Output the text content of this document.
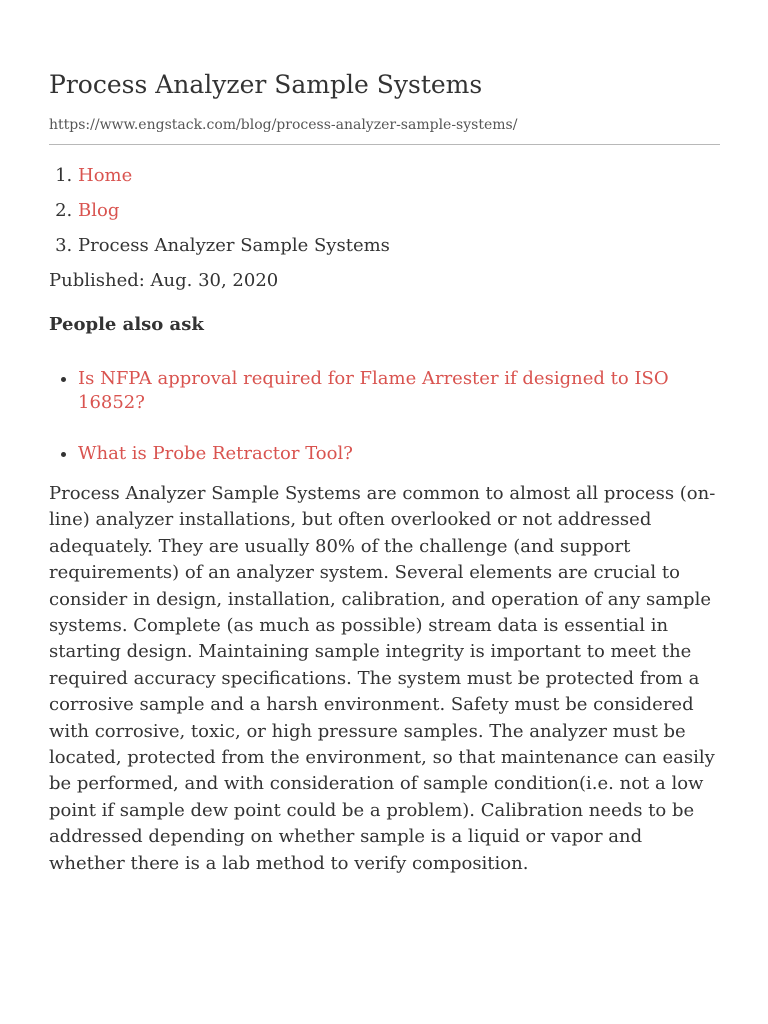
Process Analyzer Sample Systems
https://www.engstack.com/blog/process-analyzer-sample-systems/
1. Home
2. Blog
3. Process Analyzer Sample Systems
Published: Aug. 30, 2020
People also ask
• Is NFPA approval required for Flame Arrester if designed to ISO 16852?
• What is Probe Retractor Tool?
Process Analyzer Sample Systems are common to almost all process (on-line) analyzer installations, but often overlooked or not addressed adequately. They are usually 80% of the challenge (and support requirements) of an analyzer system. Several elements are crucial to consider in design, installation, calibration, and operation of any sample systems. Complete (as much as possible) stream data is essential in starting design. Maintaining sample integrity is important to meet the required accuracy specifications. The system must be protected from a corrosive sample and a harsh environment. Safety must be considered with corrosive, toxic, or high pressure samples. The analyzer must be located, protected from the environment, so that maintenance can easily be performed, and with consideration of sample condition(i.e. not a low point if sample dew point could be a problem). Calibration needs to be addressed depending on whether sample is a liquid or vapor and whether there is a lab method to verify composition.
